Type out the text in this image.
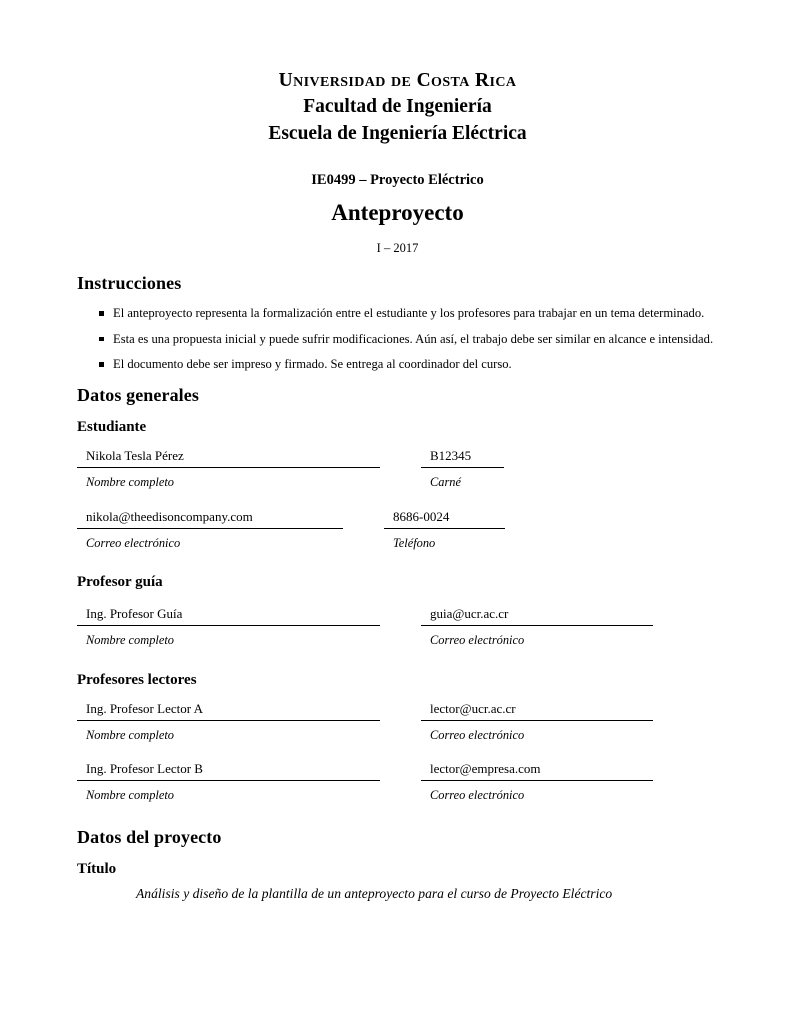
Universidad de Costa Rica
Facultad de Ingeniería
Escuela de Ingeniería Eléctrica
IE0499 – Proyecto Eléctrico
Anteproyecto
I – 2017
Instrucciones
El anteproyecto representa la formalización entre el estudiante y los profesores para trabajar en un tema determinado.
Esta es una propuesta inicial y puede sufrir modificaciones. Aún así, el trabajo debe ser similar en alcance e intensidad.
El documento debe ser impreso y firmado. Se entrega al coordinador del curso.
Datos generales
Estudiante
Nikola Tesla Pérez
Nombre completo
B12345
Carné
nikola@theedisoncompany.com
Correo electrónico
8686-0024
Teléfono
Profesor guía
Ing. Profesor Guía
Nombre completo
guia@ucr.ac.cr
Correo electrónico
Profesores lectores
Ing. Profesor Lector A
Nombre completo
lector@ucr.ac.cr
Correo electrónico
Ing. Profesor Lector B
Nombre completo
lector@empresa.com
Correo electrónico
Datos del proyecto
Título
Análisis y diseño de la plantilla de un anteproyecto para el curso de Proyecto Eléctrico
